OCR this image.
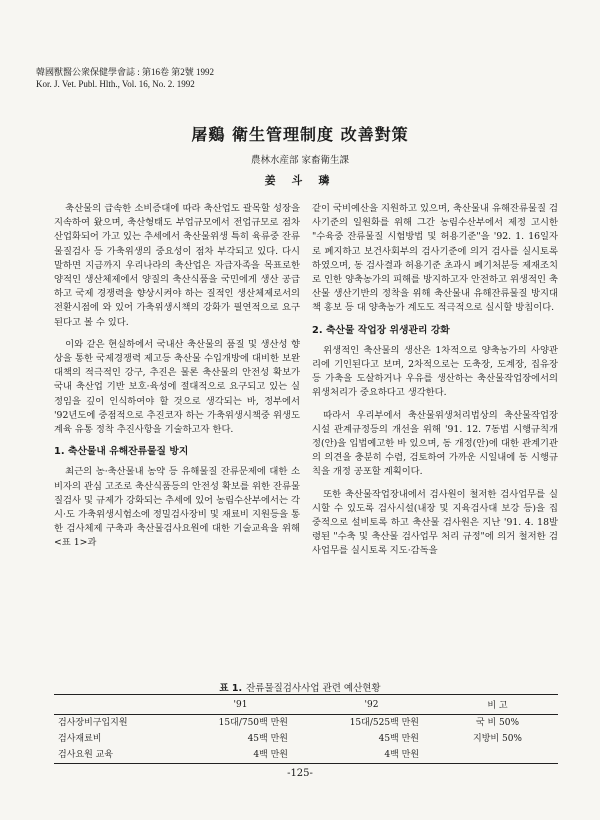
韓國獸醫公衆保健學會誌 : 第16卷 第2號 1992
Kor. J. Vet. Publ. Hlth., Vol. 16, No. 2. 1992
屠鷄 衛生管理制度 改善對策
農林水産部 家畜衛生課
姜 斗 璘

축산물의 급속한 소비증대에 따라 축산업도 괄목할 성장을 지속하여 왔으며, 축산형태도 부업규모에서 전업규모로 점차 산업화되어 가고 있는 추세에서 축산물위생 특히 육류중 잔류물질검사 등 가축위생의 중요성이 점차 부각되고 있다. 다시 말하면 지금까지 우리나라의 축산업은 자급자족을 목표로한 양적인 생산체제에서 양질의 축산식품을 국민에게 생산 공급하고 국제 경쟁력을 향상시켜야 하는 질적인 생산체제로서의 전환시점에 와 있어 가축위생시책의 강화가 필연적으로 요구된다고 볼 수 있다.

이와 같은 현실하에서 국내산 축산물의 품질 및 생산성 향상을 통한 국제경쟁력 제고등 축산물 수입개방에 대비한 보완대책의 적극적인 강구, 추진은 물론 축산물의 안전성 확보가 국내 축산업 기반 보호·육성에 절대적으로 요구되고 있는 실정임을 깊이 인식하여야 할 것으로 생각되는 바, 정부에서 '92년도에 중점적으로 추진코자 하는 가축위생시책중 위생도계육 유통 정착 추진사항을 기술하고자 한다.

1. 축산물내 유해잔류물질 방지

최근의 농·축산물내 농약 등 유해물질 잔류문제에 대한 소비자의 관심 고조로 축산식품등의 안전성 확보를 위한 잔류물질검사 및 규제가 강화되는 추세에 있어 농림수산부에서는 각 시·도 가축위생시험소에 정밀검사장비 및 재료비 지원등을 통한 검사체제 구축과 축산물검사요원에 대한 기술교육을 위해 <표 1>과

같이 국비예산을 지원하고 있으며, 축산물내 유해잔류물질 검사기준의 일원화를 위해 그간 농림수산부에서 제정 고시한 "수육중 잔류물질 시험방법 및 허용기준"을 '92. 1. 16일자로 폐지하고 보건사회부의 검사기준에 의거 검사를 실시토록 하였으며, 동 검사결과 허용기준 초과시 폐기처분등 제재조치로 인한 양축농가의 피해를 방지하고자 안전하고 위생적인 축산물 생산기반의 정착을 위해 축산물내 유해잔류물질 방지대책 홍보 등 대 양축농가 계도도 적극적으로 실시할 방침이다.

2. 축산물 작업장 위생관리 강화

위생적인 축산물의 생산은 1차적으로 양축농가의 사양관리에 기인된다고 보며, 2차적으로는 도축장, 도계장, 집유장 등 가축을 도살하거나 우유를 생산하는 축산물작업장에서의 위생처리가 중요하다고 생각한다.

따라서 우리부에서 축산물위생처리법상의 축산물작업장 시설 관계규정등의 개선을 위해 '91. 12. 7동법 시행규칙개정(안)을 입법예고한 바 있으며, 동 개정(안)에 대한 관계기관의 의견을 충분히 수렴, 검토하여 가까운 시일내에 동 시행규칙을 개정 공포할 계획이다.

또한 축산물작업장내에서 검사원이 철저한 검사업무를 실시할 수 있도록 검사시설(내장 및 지육검사대 보강 등)을 집중적으로 설비토록 하고 축산물 검사원은 지난 '91. 4. 18발령된 "수축 및 축산물 검사업무 처리 규정"에 의거 철저한 검사업무를 실시토록 지도·감독을

표 1. 잔류물질검사사업 관련 예산현황
	'91	'92	비 고
검사장비구입지원	15대/750백 만원	15대/525백 만원	국 비 50%
검사재료비	45백 만원	45백 만원	지방비 50%
검사요원 교육	4백 만원	4백 만원	
-125-
